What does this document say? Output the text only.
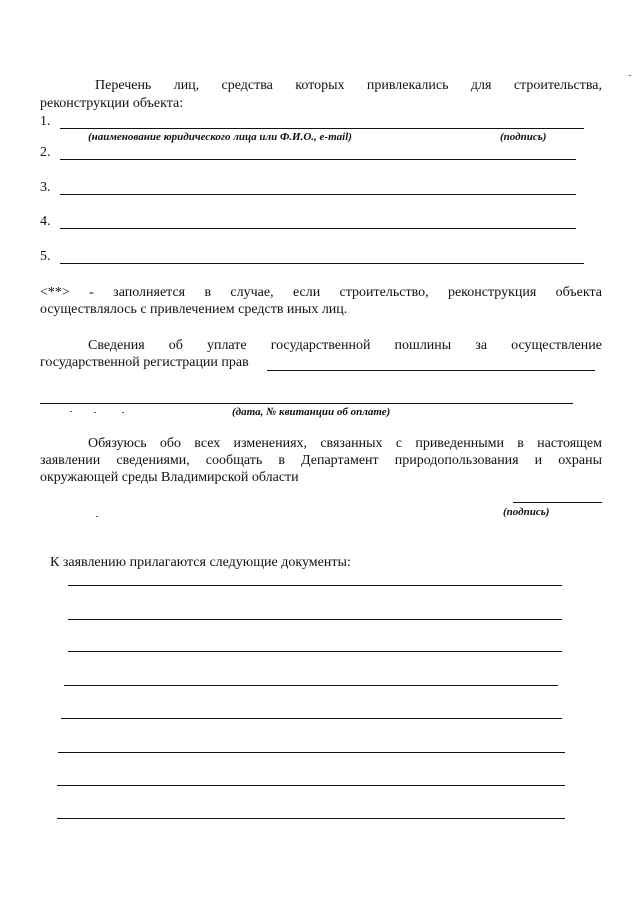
Перечень лиц, средства которых привлекались для строительства,
реконструкции объекта:
1.
(наименование юридического лица или Ф.И.О., e-mail)	(подпись)
2.
3.
4.
5.
<**> - заполняется в случае, если строительство, реконструкция объекта
осуществлялось с привлечением средств иных лиц.
Сведения об уплате государственной пошлины за осуществление
государственной регистрации прав
(дата, № квитанции об оплате)
Обязуюсь обо всех изменениях, связанных с приведенными в настоящем
заявлении сведениями, сообщать в Департамент природопользования и охраны
окружающей среды Владимирской области
(подпись)
К заявлению прилагаются следующие документы:
